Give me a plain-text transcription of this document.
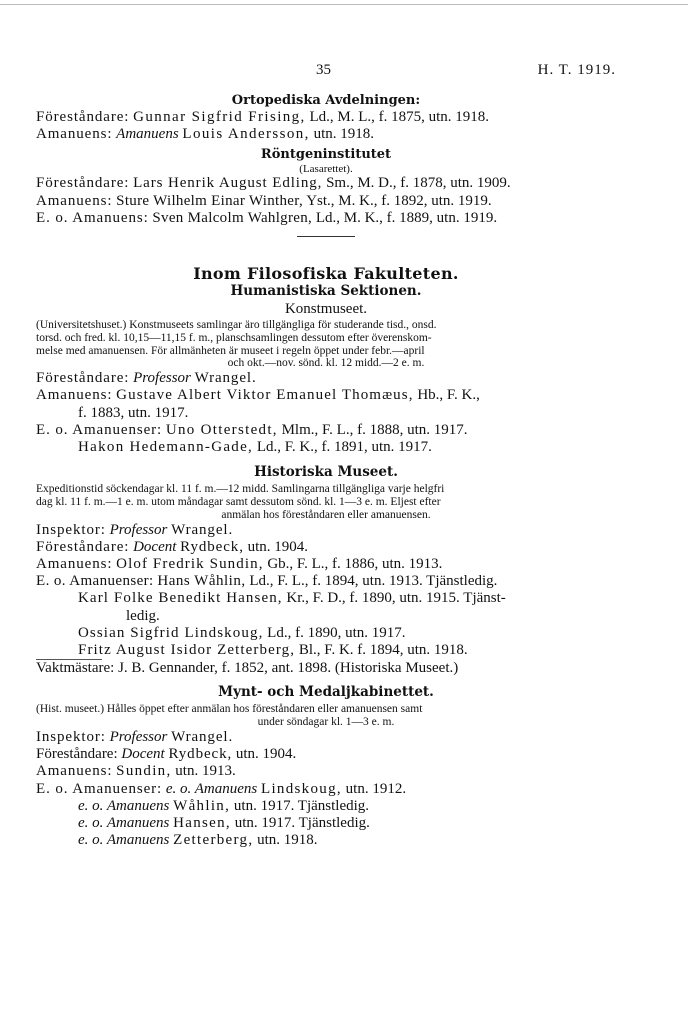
35	H. T. 1919.

Ortopediska Avdelningen:

Föreståndare: Gunnar Sigfrid Frising, Ld., M. L., f. 1875, utn. 1918.

Amanuens: Amanuens Louis Andersson, utn. 1918.

Röntgeninstitutet

(Lasarettet).

Föreståndare: Lars Henrik August Edling, Sm., M. D., f. 1878, utn. 1909.

Amanuens: Sture Wilhelm Einar Winther, Yst., M. K., f. 1892, utn. 1919.

E. o. Amanuens: Sven Malcolm Wahlgren, Ld., M. K., f. 1889, utn. 1919.

Inom Filosofiska Fakulteten.

Humanistiska Sektionen.

Konstmuseet.

(Universitetshuset.) Konstmuseets samlingar äro tillgängliga för studerande tisd., onsd.

torsd. och fred. kl. 10,15—11,15 f. m., planschsamlingen dessutom efter överenskom-

melse med amanuensen. För allmänheten är museet i regeln öppet under febr.—april

och okt.—nov. sönd. kl. 12 midd.—2 e. m.

Föreståndare: Professor Wrangel.

Amanuens: Gustave Albert Viktor Emanuel Thomæus, Hb., F. K.,

f. 1883, utn. 1917.

E. o. Amanuenser: Uno Otterstedt, Mlm., F. L., f. 1888, utn. 1917.

Hakon Hedemann-Gade, Ld., F. K., f. 1891, utn. 1917.

Historiska Museet.

Expeditionstid söckendagar kl. 11 f. m.—12 midd. Samlingarna tillgängliga varje helgfri

dag kl. 11 f. m.—1 e. m. utom måndagar samt dessutom sönd. kl. 1—3 e. m. Eljest efter

anmälan hos föreståndaren eller amanuensen.

Inspektor: Professor Wrangel.

Föreståndare: Docent Rydbeck, utn. 1904.

Amanuens: Olof Fredrik Sundin, Gb., F. L., f. 1886, utn. 1913.

E. o. Amanuenser: Hans Wåhlin, Ld., F. L., f. 1894, utn. 1913. Tjänstledig.

Karl Folke Benedikt Hansen, Kr., F. D., f. 1890, utn. 1915. Tjänst-

ledig.

Ossian Sigfrid Lindskoug, Ld., f. 1890, utn. 1917.

Fritz August Isidor Zetterberg, Bl., F. K. f. 1894, utn. 1918.

Vaktmästare: J. B. Gennander, f. 1852, ant. 1898. (Historiska Museet.)

Mynt- och Medaljkabinettet.

(Hist. museet.) Hålles öppet efter anmälan hos föreståndaren eller amanuensen samt

under söndagar kl. 1—3 e. m.

Inspektor: Professor Wrangel.

Föreståndare: Docent Rydbeck, utn. 1904.

Amanuens: Sundin, utn. 1913.

E. o. Amanuenser: e. o. Amanuens Lindskoug, utn. 1912.

e. o. Amanuens Wåhlin, utn. 1917. Tjänstledig.

e. o. Amanuens Hansen, utn. 1917. Tjänstledig.

e. o. Amanuens Zetterberg, utn. 1918.
